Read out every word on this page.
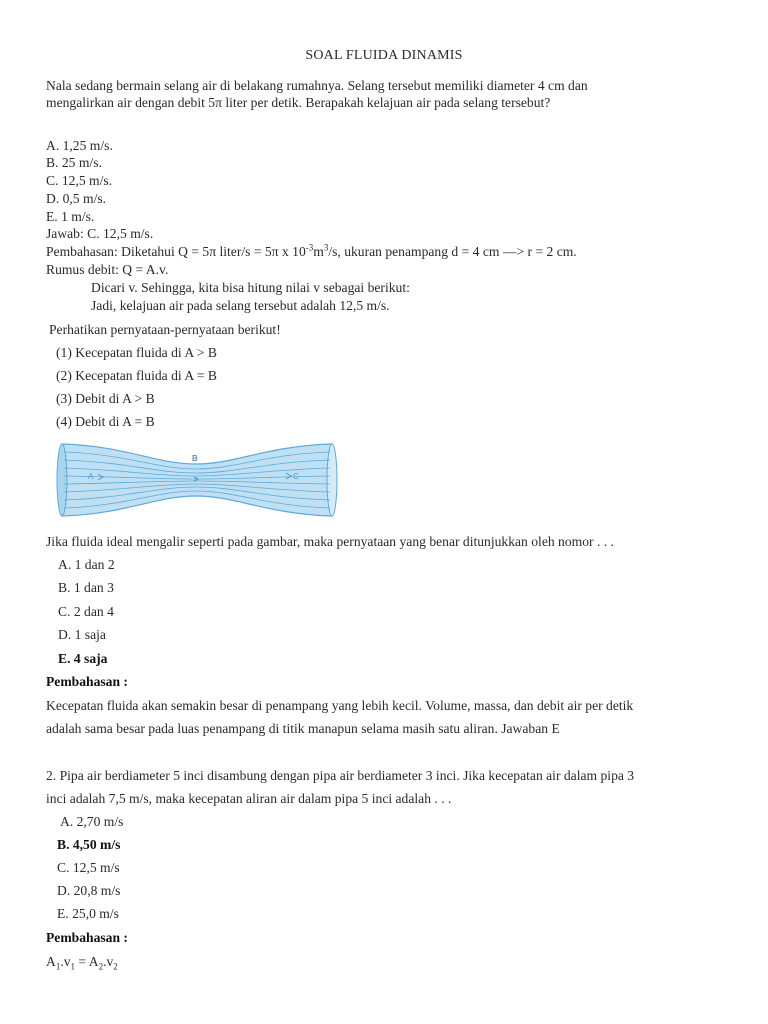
SOAL FLUIDA DINAMIS
Nala sedang bermain selang air di belakang rumahnya. Selang tersebut memiliki diameter 4 cm dan
mengalirkan air dengan debit 5π liter per detik. Berapakah kelajuan air pada selang tersebut?
A. 1,25 m/s.
B. 25 m/s.
C. 12,5 m/s.
D. 0,5 m/s.
E. 1 m/s.
Jawab: C. 12,5 m/s.
Pembahasan: Diketahui Q = 5π liter/s = 5π x $10^{-3}m^3/s$, ukuran penampang d = 4 cm —> r = 2 cm.
Rumus debit: Q = A.v.
Dicari v. Sehingga, kita bisa hitung nilai v sebagai berikut:
Jadi, kelajuan air pada selang tersebut adalah 12,5 m/s.
Perhatikan pernyataan-pernyataan berikut!
(1) Kecepatan fluida di A > B
(2) Kecepatan fluida di A = B
(3) Debit di A > B
(4) Debit di A = B
A
B
C
Jika fluida ideal mengalir seperti pada gambar, maka pernyataan yang benar ditunjukkan oleh nomor . . .
A. 1 dan 2
B. 1 dan 3
C. 2 dan 4
D. 1 saja
E. 4 saja
Pembahasan :
Kecepatan fluida akan semakin besar di penampang yang lebih kecil. Volume, massa, dan debit air per detik
adalah sama besar pada luas penampang di titik manapun selama masih satu aliran. Jawaban E
2. Pipa air berdiameter 5 inci disambung dengan pipa air berdiameter 3 inci. Jika kecepatan air dalam pipa 3
inci adalah 7,5 m/s, maka kecepatan aliran air dalam pipa 5 inci adalah . . .
A. 2,70 m/s
B. 4,50 m/s
C. 12,5 m/s
D. 20,8 m/s
E. 25,0 m/s
Pembahasan :
$A_1.v_1 = A_2.v_2$
